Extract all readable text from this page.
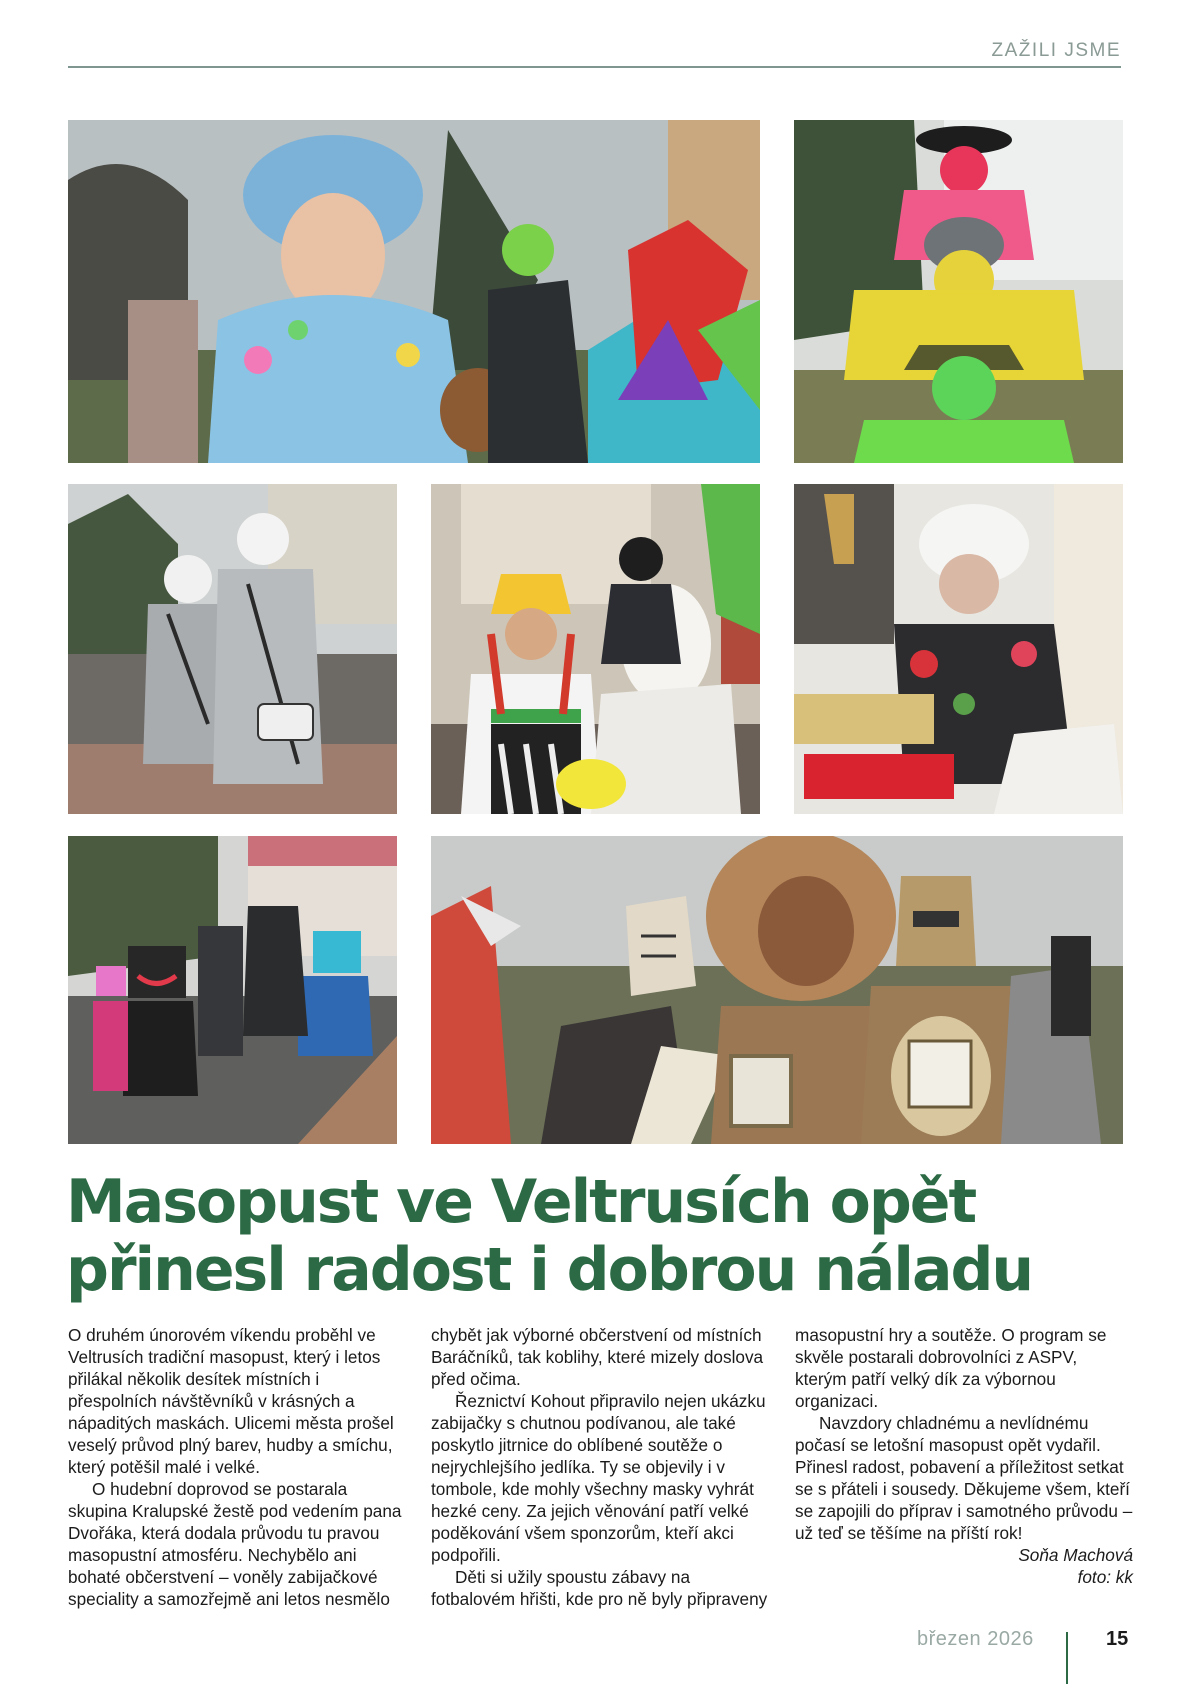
ZAŽILI JSME
Masopust ve Veltrusích opět přinesl radost i dobrou náladu

O druhém únorovém víkendu proběhl ve Veltrusích tradiční masopust, který i letos přilákal několik desítek místních i přespolních návštěvníků v krásných a nápaditých maskách. Ulicemi města prošel veselý průvod plný barev, hudby a smíchu, který potěšil malé i velké.

O hudební doprovod se postarala skupina Kralupské žestě pod vedením pana Dvořáka, která dodala průvodu tu pravou masopustní atmosféru. Nechybělo ani bohaté občerstvení – voněly zabijačkové speciality a samozřejmě ani letos nesmělo

chybět jak výborné občerstvení od místních Baráčníků, tak koblihy, které mizely doslova před očima.

Řeznictví Kohout připravilo nejen ukázku zabijačky s chutnou podívanou, ale také poskytlo jitrnice do oblíbené soutěže o nejrychlejšího jedlíka. Ty se objevily i v tombole, kde mohly všechny masky vyhrát hezké ceny. Za jejich věnování patří velké poděkování všem sponzorům, kteří akci podpořili.

Děti si užily spoustu zábavy na fotbalovém hřišti, kde pro ně byly připraveny

masopustní hry a soutěže. O program se skvěle postarali dobrovolníci z ASPV, kterým patří velký dík za výbornou organizaci.

Navzdory chladnému a nevlídnému počasí se letošní masopust opět vydařil. Přinesl radost, pobavení a příležitost setkat se s přáteli i sousedy. Děkujeme všem, kteří se zapojili do příprav i samotného průvodu – už teď se těšíme na příští rok!

Soňa Machová

foto: kk

březen 2026	15
